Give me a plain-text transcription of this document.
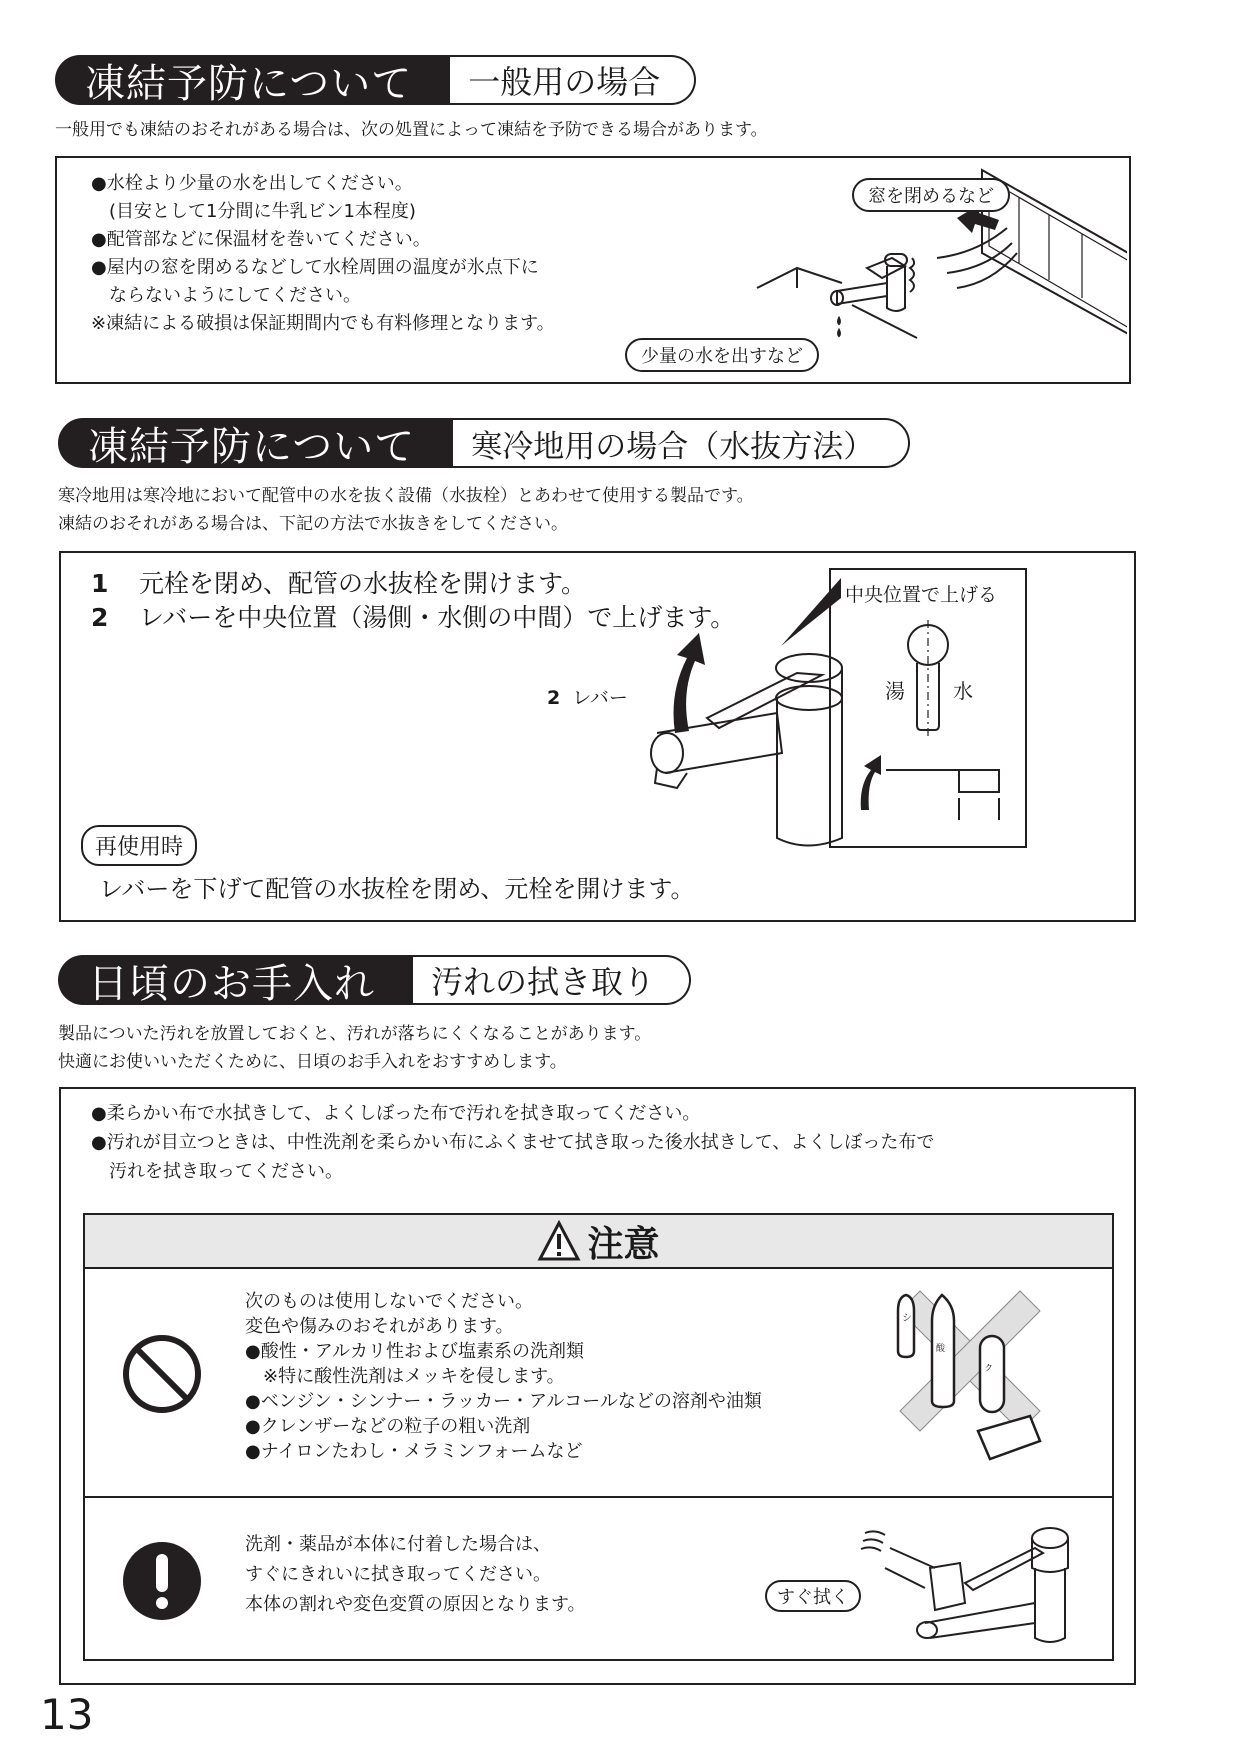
凍結予防について	一般用の場合
一般用でも凍結のおそれがある場合は、次の処置によって凍結を予防できる場合があります。
●水栓より少量の水を出してください。
　(目安として1分間に牛乳ビン1本程度)
●配管部などに保温材を巻いてください。
●屋内の窓を閉めるなどして水栓周囲の温度が氷点下に
　ならないようにしてください。
※凍結による破損は保証期間内でも有料修理となります。
窓を閉めるなど
少量の水を出すなど
凍結予防について	寒冷地用の場合（水抜方法）
寒冷地用は寒冷地において配管中の水を抜く設備（水抜栓）とあわせて使用する製品です。
凍結のおそれがある場合は、下記の方法で水抜きをしてください。
1 元栓を閉め、配管の水抜栓を開けます。
2 レバーを中央位置（湯側・水側の中間）で上げます。
2 レバー
中央位置で上げる
湯 水
再使用時
レバーを下げて配管の水抜栓を閉め、元栓を開けます。
日頃のお手入れ	汚れの拭き取り
製品についた汚れを放置しておくと、汚れが落ちにくくなることがあります。
快適にお使いいただくために、日頃のお手入れをおすすめします。
●柔らかい布で水拭きして、よくしぼった布で汚れを拭き取ってください。
●汚れが目立つときは、中性洗剤を柔らかい布にふくませて拭き取った後水拭きして、よくしぼった布で
　汚れを拭き取ってください。
注意
次のものは使用しないでください。
変色や傷みのおそれがあります。
●酸性・アルカリ性および塩素系の洗剤類
　※特に酸性洗剤はメッキを侵します。
●ベンジン・シンナー・ラッカー・アルコールなどの溶剤や油類
●クレンザーなどの粒子の粗い洗剤
●ナイロンたわし・メラミンフォームなど
シ
酸
ク
洗剤・薬品が本体に付着した場合は、
すぐにきれいに拭き取ってください。
本体の割れや変色変質の原因となります。	すぐ拭く
13
